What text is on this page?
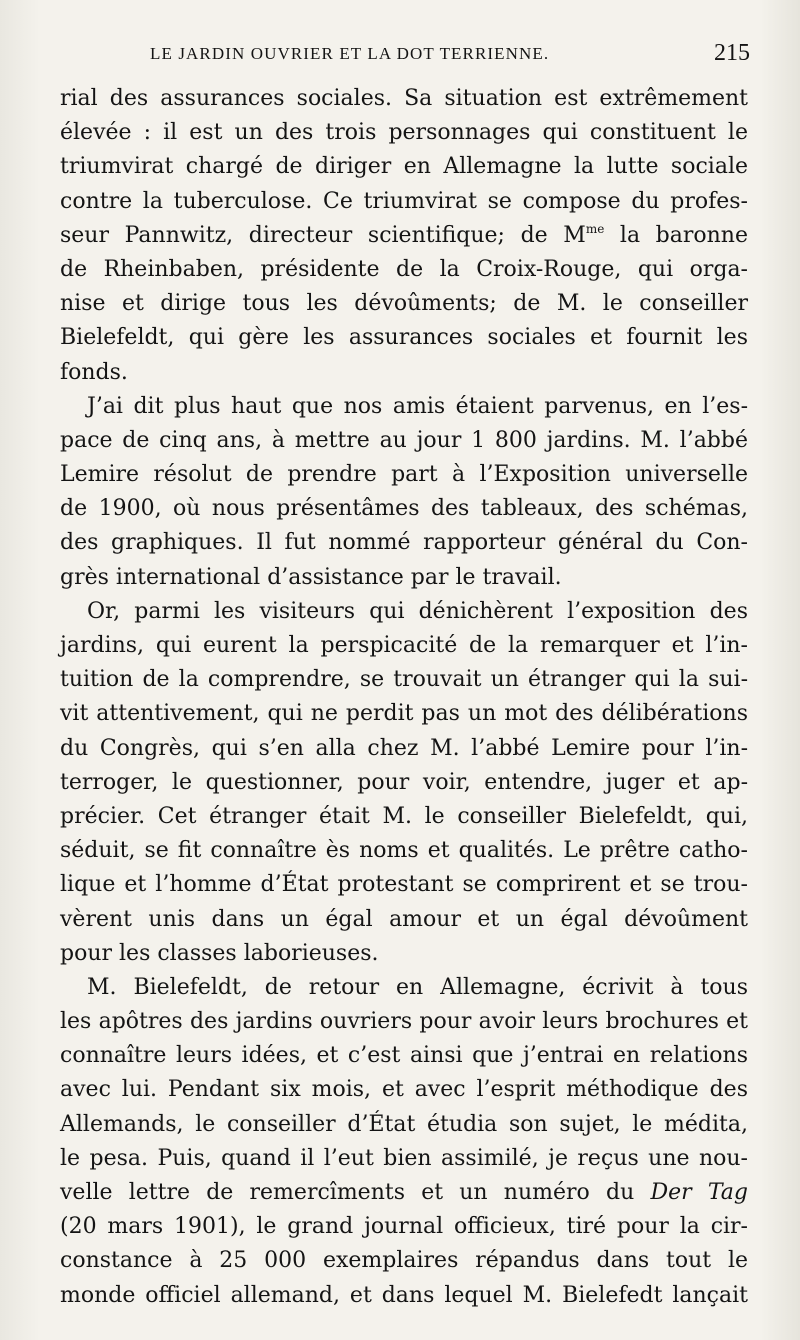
LE JARDIN OUVRIER ET LA DOT TERRIENNE.	215
rial des assurances sociales. Sa situation est extrêmement
élevée : il est un des trois personnages qui constituent le
triumvirat chargé de diriger en Allemagne la lutte sociale
contre la tuberculose. Ce triumvirat se compose du profes-
seur Pannwitz, directeur scientifique; de $M^{me}$ la baronne
de Rheinbaben, présidente de la Croix-Rouge, qui orga-
nise et dirige tous les dévoûments; de M. le conseiller
Bielefeldt, qui gère les assurances sociales et fournit les
fonds.
J’ai dit plus haut que nos amis étaient parvenus, en l’es-
pace de cinq ans, à mettre au jour 1 800 jardins. M. l’abbé
Lemire résolut de prendre part à l’Exposition universelle
de 1900, où nous présentâmes des tableaux, des schémas,
des graphiques. Il fut nommé rapporteur général du Con-
grès international d’assistance par le travail.
Or, parmi les visiteurs qui dénichèrent l’exposition des
jardins, qui eurent la perspicacité de la remarquer et l’in-
tuition de la comprendre, se trouvait un étranger qui la sui-
vit attentivement, qui ne perdit pas un mot des délibérations
du Congrès, qui s’en alla chez M. l’abbé Lemire pour l’in-
terroger, le questionner, pour voir, entendre, juger et ap-
précier. Cet étranger était M. le conseiller Bielefeldt, qui,
séduit, se fit connaître ès noms et qualités. Le prêtre catho-
lique et l’homme d’État protestant se comprirent et se trou-
vèrent unis dans un égal amour et un égal dévoûment
pour les classes laborieuses.
M. Bielefeldt, de retour en Allemagne, écrivit à tous
les apôtres des jardins ouvriers pour avoir leurs brochures et
connaître leurs idées, et c’est ainsi que j’entrai en relations
avec lui. Pendant six mois, et avec l’esprit méthodique des
Allemands, le conseiller d’État étudia son sujet, le médita,
le pesa. Puis, quand il l’eut bien assimilé, je reçus une nou-
velle lettre de remercîments et un numéro du Der Tag
(20 mars 1901), le grand journal officieux, tiré pour la cir-
constance à 25 000 exemplaires répandus dans tout le
monde officiel allemand, et dans lequel M. Bielefedt lançait
